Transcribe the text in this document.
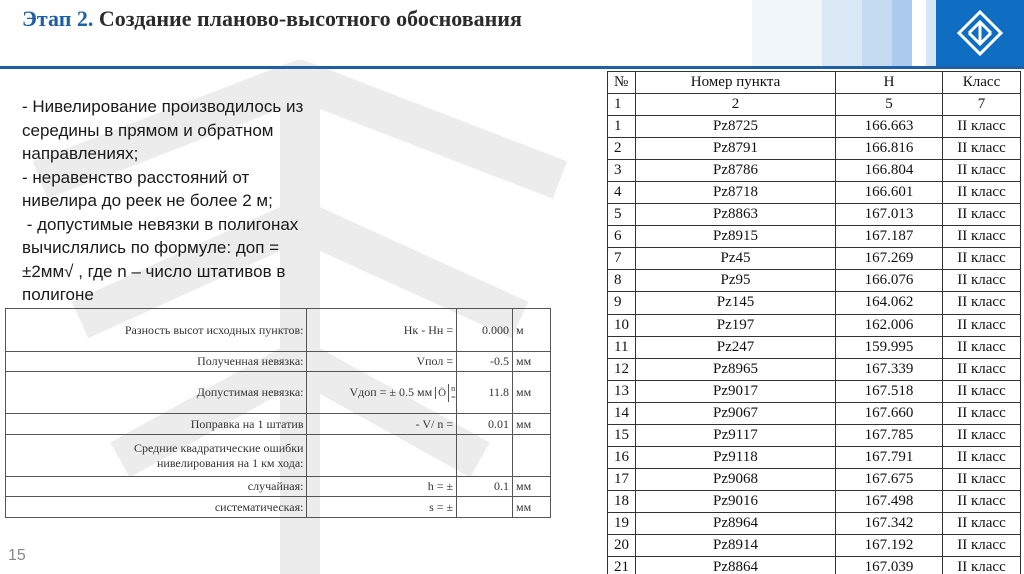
Этап 2. Создание планово-высотного обоснования

- Нивелирование производилось из

середины в прямом и обратном

направлениях;

- неравенство расстояний от

нивелира до реек не более 2 м;

- допустимые невязки в полигонах

вычислялись по формуле: доп =

±2мм√ , где n – число штативов в

полигоне

Разность высот исходных пунктов:	Нк - Нн =	0.000	м
Полученная невязка:	Vпол =	-0.5	мм
Допустимая невязка:	Vдоп = ± 0.5 мм Ö n =	11.8	мм
Поправка на 1 штатив	- V/ n =	0.01	мм
Средние квадратические ошибки нивелирования на 1 км хода:			
случайная:	h = ±	0.1	мм
систематическая:	s = ±		мм
№	Номер пункта	H	Класс
1	2	5	7
1	Pz8725	166.663	II класс
2	Pz8791	166.816	II класс
3	Pz8786	166.804	II класс
4	Pz8718	166.601	II класс
5	Pz8863	167.013	II класс
6	Pz8915	167.187	II класс
7	Pz45	167.269	II класс
8	Pz95	166.076	II класс
9	Pz145	164.062	II класс
10	Pz197	162.006	II класс
11	Pz247	159.995	II класс
12	Pz8965	167.339	II класс
13	Pz9017	167.518	II класс
14	Pz9067	167.660	II класс
15	Pz9117	167.785	II класс
16	Pz9118	167.791	II класс
17	Pz9068	167.675	II класс
18	Pz9016	167.498	II класс
19	Pz8964	167.342	II класс
20	Pz8914	167.192	II класс
21	Pz8864	167.039	II класс
15
